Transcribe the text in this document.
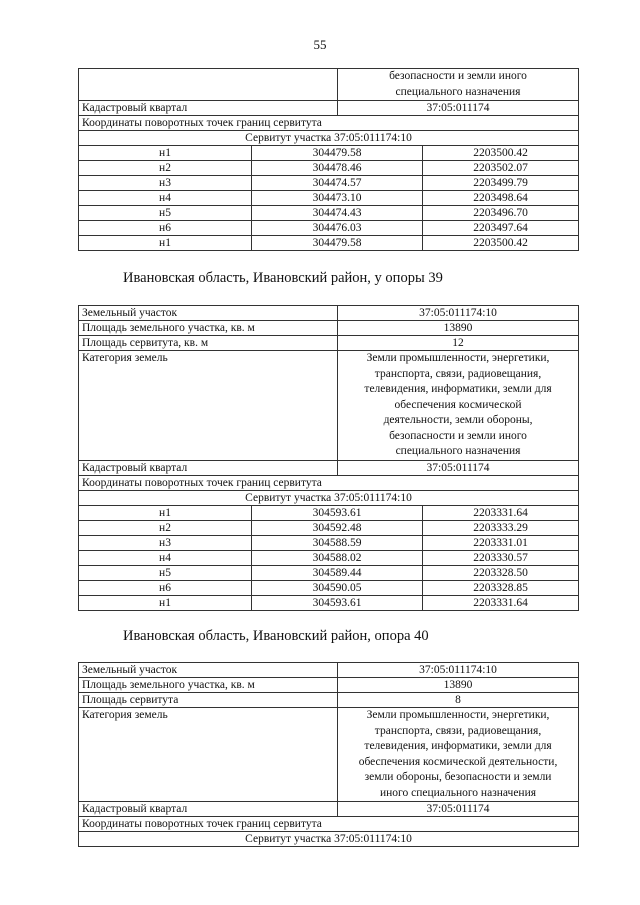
55

		безопасности и земли иного
специального назначения	

Кадастровый квартал		37:05:011174	
Координаты поворотных точек границ сервитута			
Сервитут участка 37:05:011174:10			
н1	304479.58		2203500.42
н2	304478.46		2203502.07
н3	304474.57		2203499.79
н4	304473.10		2203498.64
н5	304474.43		2203496.70
н6	304476.03		2203497.64
н1	304479.58		2203500.42
Ивановская область, Ивановский район, у опоры 39
Земельный участок		37:05:011174:10	
Площадь земельного участка, кв. м		13890	
Площадь сервитута, кв. м		12	
Категория земель	Земли промышленности, энергетики,
транспорта, связи, радиовещания,
телевидения, информатики, земли для
обеспечения космической
деятельности, земли обороны,
безопасности и земли иного
специального назначения

Кадастровый квартал		37:05:011174	
Координаты поворотных точек границ сервитута			
Сервитут участка 37:05:011174:10			
н1	304593.61		2203331.64
н2	304592.48		2203333.29
н3	304588.59		2203331.01
н4	304588.02		2203330.57
н5	304589.44		2203328.50
н6	304590.05		2203328.85
н1	304593.61		2203331.64
Ивановская область, Ивановский район, опора 40
Земельный участок	37:05:011174:10
Площадь земельного участка, кв. м	13890
Площадь сервитута	8
Категория земель	Земли промышленности, энергетики,
транспорта, связи, радиовещания,
телевидения, информатики, земли для
обеспечения космической деятельности,
земли обороны, безопасности и земли
иного специального назначения

Кадастровый квартал	37:05:011174
Координаты поворотных точек границ сервитута	
Сервитут участка 37:05:011174:10	
